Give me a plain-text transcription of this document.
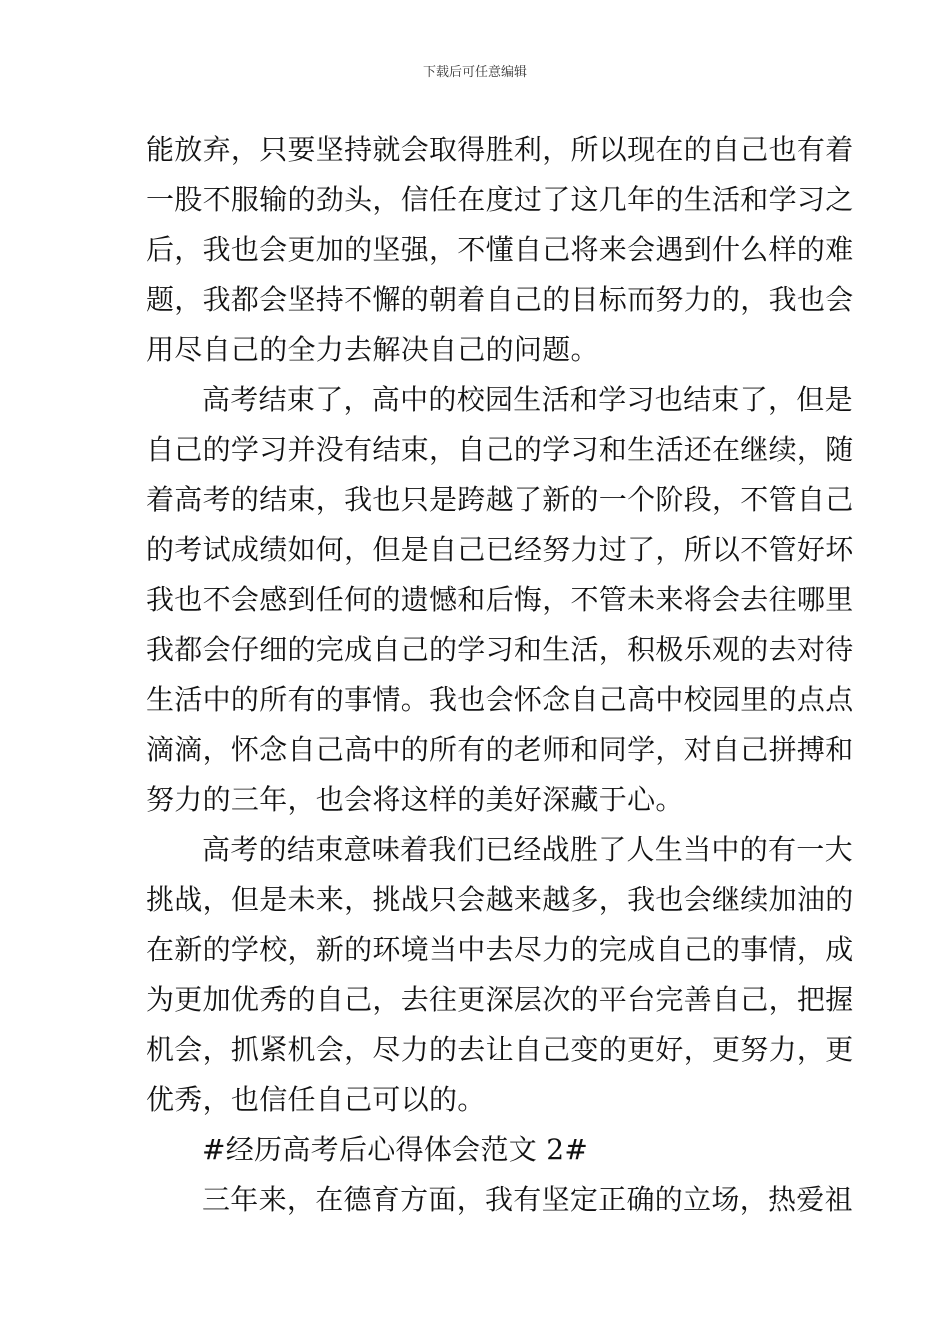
下载后可任意编辑
能放弃，只要坚持就会取得胜利，所以现在的自己也有着
一股不服输的劲头，信任在度过了这几年的生活和学习之
后，我也会更加的坚强，不懂自己将来会遇到什么样的难
题，我都会坚持不懈的朝着自己的目标而努力的，我也会
用尽自己的全力去解决自己的问题。
高考结束了，高中的校园生活和学习也结束了，但是
自己的学习并没有结束，自己的学习和生活还在继续，随
着高考的结束，我也只是跨越了新的一个阶段，不管自己
的考试成绩如何，但是自己已经努力过了，所以不管好坏
我也不会感到任何的遗憾和后悔，不管未来将会去往哪里
我都会仔细的完成自己的学习和生活，积极乐观的去对待
生活中的所有的事情。我也会怀念自己高中校园里的点点
滴滴，怀念自己高中的所有的老师和同学，对自己拼搏和
努力的三年，也会将这样的美好深藏于心。
高考的结束意味着我们已经战胜了人生当中的有一大
挑战，但是未来，挑战只会越来越多，我也会继续加油的
在新的学校，新的环境当中去尽力的完成自己的事情，成
为更加优秀的自己，去往更深层次的平台完善自己，把握
机会，抓紧机会，尽力的去让自己变的更好，更努力，更
优秀，也信任自己可以的。
#经历高考后心得体会范文 2#
三年来，在德育方面，我有坚定正确的立场，热爱祖
